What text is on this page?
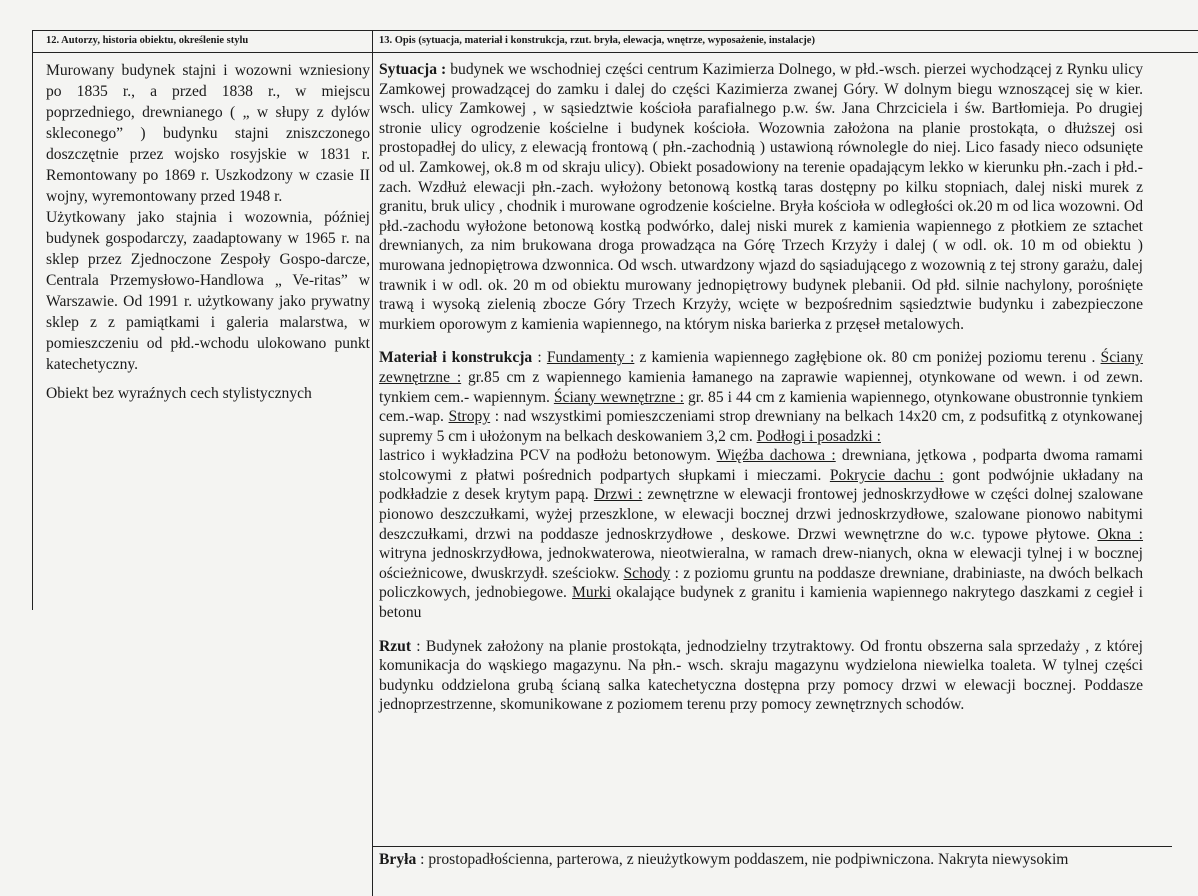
12. Autorzy, historia obiektu, określenie stylu	13. Opis (sytuacja, materiał i konstrukcja, rzut. bryła, elewacja, wnętrze, wyposażenie, instalacje)

Murowany budynek stajni i wozowni wzniesiony po 1835 r., a przed 1838 r., w miejscu poprzedniego, drewnianego ( „ w słupy z dylów skleconego” ) budynku stajni zniszczonego doszczętnie przez wojsko rosyjskie w 1831 r. Remontowany po 1869 r. Uszkodzony w czasie II wojny, wyremontowany przed 1948 r.

Użytkowany jako stajnia i wozownia, później budynek gospodarczy, zaadaptowany w 1965 r. na sklep przez Zjednoczone Zespoły Gospo-darcze, Centrala Przemysłowo-Handlowa „ Ve-ritas” w Warszawie. Od 1991 r. użytkowany jako prywatny sklep z z pamiątkami i galeria malarstwa, w pomieszczeniu od płd.-wchodu ulokowano punkt katechetyczny.

Obiekt bez wyraźnych cech stylistycznych

Sytuacja : budynek we wschodniej części centrum Kazimierza Dolnego, w płd.-wsch. pierzei wychodzącej z Rynku ulicy Zamkowej prowadzącej do zamku i dalej do części Kazimierza zwanej Góry. W dolnym biegu wznoszącej się w kier. wsch. ulicy Zamkowej , w sąsiedztwie kościoła parafialnego p.w. św. Jana Chrzciciela i św. Bartłomieja. Po drugiej stronie ulicy ogrodzenie kościelne i budynek kościoła. Wozownia założona na planie prostokąta, o dłuższej osi prostopadłej do ulicy, z elewacją frontową ( płn.-zachodnią ) ustawioną równolegle do niej. Lico fasady nieco odsunięte od ul. Zamkowej, ok.8 m od skraju ulicy). Obiekt posadowiony na terenie opadającym lekko w kierunku płn.-zach i płd.-zach. Wzdłuż elewacji płn.-zach. wyłożony betonową kostką taras dostępny po kilku stopniach, dalej niski murek z granitu, bruk ulicy , chodnik i murowane ogrodzenie kościelne. Bryła kościoła w odległości ok.20 m od lica wozowni. Od płd.-zachodu wyłożone betonową kostką podwórko, dalej niski murek z kamienia wapiennego z płotkiem ze sztachet drewnianych, za nim brukowana droga prowadząca na Górę Trzech Krzyży i dalej ( w odl. ok. 10 m od obiektu ) murowana jednopiętrowa dzwonnica. Od wsch. utwardzony wjazd do sąsiadującego z wozownią z tej strony garażu, dalej trawnik i w odl. ok. 20 m od obiektu murowany jednopiętrowy budynek plebanii. Od płd. silnie nachylony, porośnięte trawą i wysoką zielenią zbocze Góry Trzech Krzyży, wcięte w bezpośrednim sąsiedztwie budynku i zabezpieczone murkiem oporowym z kamienia wapiennego, na którym niska barierka z przęseł metalowych.

Materiał i konstrukcja : Fundamenty : z kamienia wapiennego zagłębione ok. 80 cm poniżej poziomu terenu . Ściany zewnętrzne : gr.85 cm z wapiennego kamienia łamanego na zaprawie wapiennej, otynkowane od wewn. i od zewn. tynkiem cem.- wapiennym. Ściany wewnętrzne : gr. 85 i 44 cm z kamienia wapiennego, otynkowane obustronnie tynkiem cem.-wap. Stropy : nad wszystkimi pomieszczeniami strop drewniany na belkach 14x20 cm, z podsufitką z otynkowanej supremy 5 cm i ułożonym na belkach deskowaniem 3,2 cm. Podłogi i posadzki :
lastrico i wykładzina PCV na podłożu betonowym. Więźba dachowa : drewniana, jętkowa , podparta dwoma ramami stolcowymi z płatwi pośrednich podpartych słupkami i mieczami. Pokrycie dachu : gont podwójnie układany na podkładzie z desek krytym papą. Drzwi : zewnętrzne w elewacji frontowej jednoskrzydłowe w części dolnej szalowane pionowo deszczułkami, wyżej przeszklone, w elewacji bocznej drzwi jednoskrzydłowe, szalowane pionowo nabitymi deszczułkami, drzwi na poddasze jednoskrzydłowe , deskowe. Drzwi wewnętrzne do w.c. typowe płytowe. Okna : witryna jednoskrzydłowa, jednokwaterowa, nieotwieralna, w ramach drew-nianych, okna w elewacji tylnej i w bocznej ościeżnicowe, dwuskrzydł. sześciokw. Schody : z poziomu gruntu na poddasze drewniane, drabiniaste, na dwóch belkach policzkowych, jednobiegowe. Murki okalające budynek z granitu i kamienia wapiennego nakrytego daszkami z cegieł i betonu

Rzut : Budynek założony na planie prostokąta, jednodzielny trzytraktowy. Od frontu obszerna sala sprzedaży , z której komunikacja do wąskiego magazynu. Na płn.- wsch. skraju magazynu wydzielona niewielka toaleta. W tylnej części budynku oddzielona grubą ścianą salka katechetyczna dostępna przy pomocy drzwi w elewacji bocznej. Poddasze jednoprzestrzenne, skomunikowane z poziomem terenu przy pomocy zewnętrznych schodów.

Bryła : prostopadłościenna, parterowa, z nieużytkowym poddaszem, nie podpiwniczona. Nakryta niewysokim
